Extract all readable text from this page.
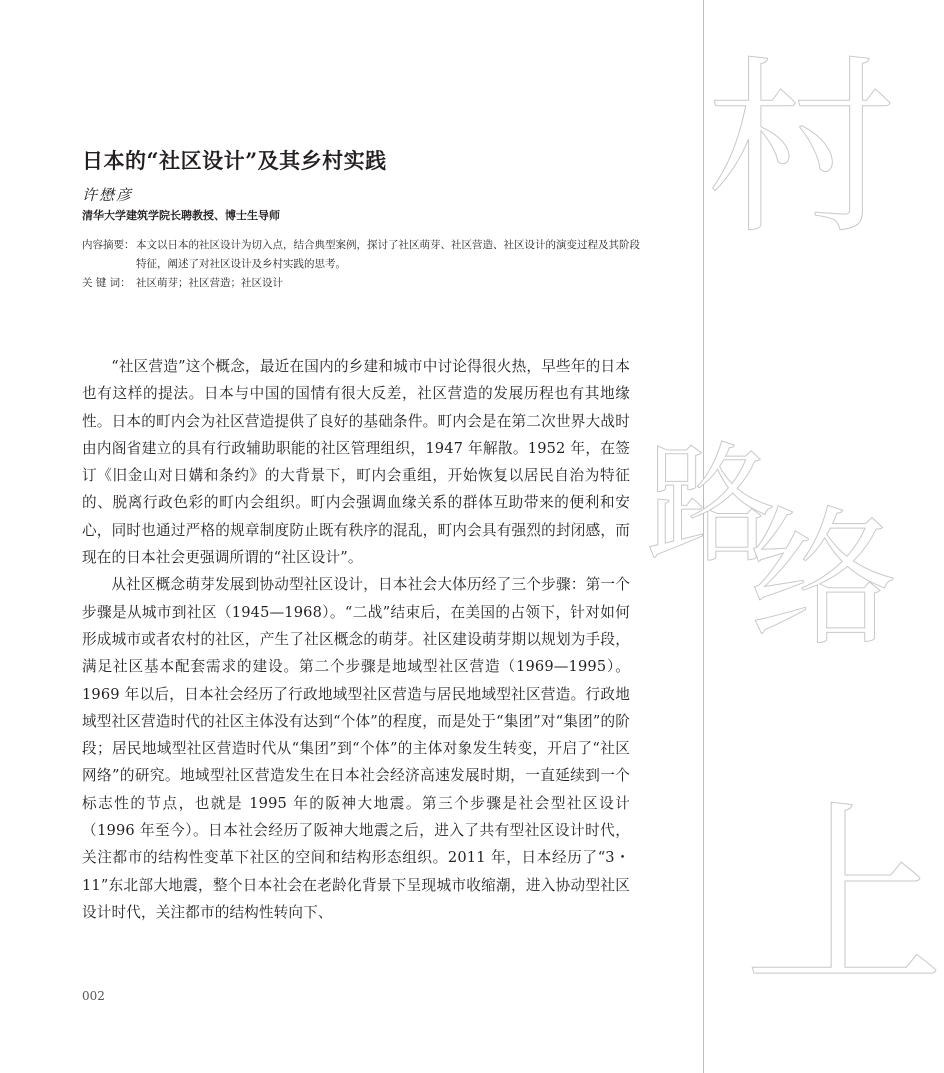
村
路
络
上
日本的“社区设计”及其乡村实践
许懋彦
清华大学建筑学院长聘教授、博士生导师
内容摘要： 本文以日本的社区设计为切入点，结合典型案例，探讨了社区萌芽、社区营造、社区设计的演变过程及其阶段特征，阐述了对社区设计及乡村实践的思考。
关 键 词： 社区萌芽；社区营造；社区设计

“社区营造”这个概念，最近在国内的乡建和城市中讨论得很火热，早些年的日本也有这样的提法。日本与中国的国情有很大反差，社区营造的发展历程也有其地缘性。日本的町内会为社区营造提供了良好的基础条件。町内会是在第二次世界大战时由内阁省建立的具有行政辅助职能的社区管理组织，1947 年解散。1952 年，在签订《旧金山对日媾和条约》的大背景下，町内会重组，开始恢复以居民自治为特征的、脱离行政色彩的町内会组织。町内会强调血缘关系的群体互助带来的便利和安心，同时也通过严格的规章制度防止既有秩序的混乱，町内会具有强烈的封闭感，而现在的日本社会更强调所谓的“社区设计”。

从社区概念萌芽发展到协动型社区设计，日本社会大体历经了三个步骤：第一个步骤是从城市到社区（1945—1968）。“二战”结束后，在美国的占领下，针对如何形成城市或者农村的社区，产生了社区概念的萌芽。社区建设萌芽期以规划为手段，满足社区基本配套需求的建设。第二个步骤是地域型社区营造（1969—1995）。1969 年以后，日本社会经历了行政地域型社区营造与居民地域型社区营造。行政地域型社区营造时代的社区主体没有达到“个体”的程度，而是处于“集团”对“集团”的阶段；居民地域型社区营造时代从“集团”到“个体”的主体对象发生转变，开启了“社区网络”的研究。地域型社区营造发生在日本社会经济高速发展时期，一直延续到一个标志性的节点，也就是 1995 年的阪神大地震。第三个步骤是社会型社区设计（1996 年至今）。日本社会经历了阪神大地震之后，进入了共有型社区设计时代，关注都市的结构性变革下社区的空间和结构形态组织。2011 年，日本经历了“3・11”东北部大地震，整个日本社会在老龄化背景下呈现城市收缩潮，进入协动型社区设计时代，关注都市的结构性转向下、

002
